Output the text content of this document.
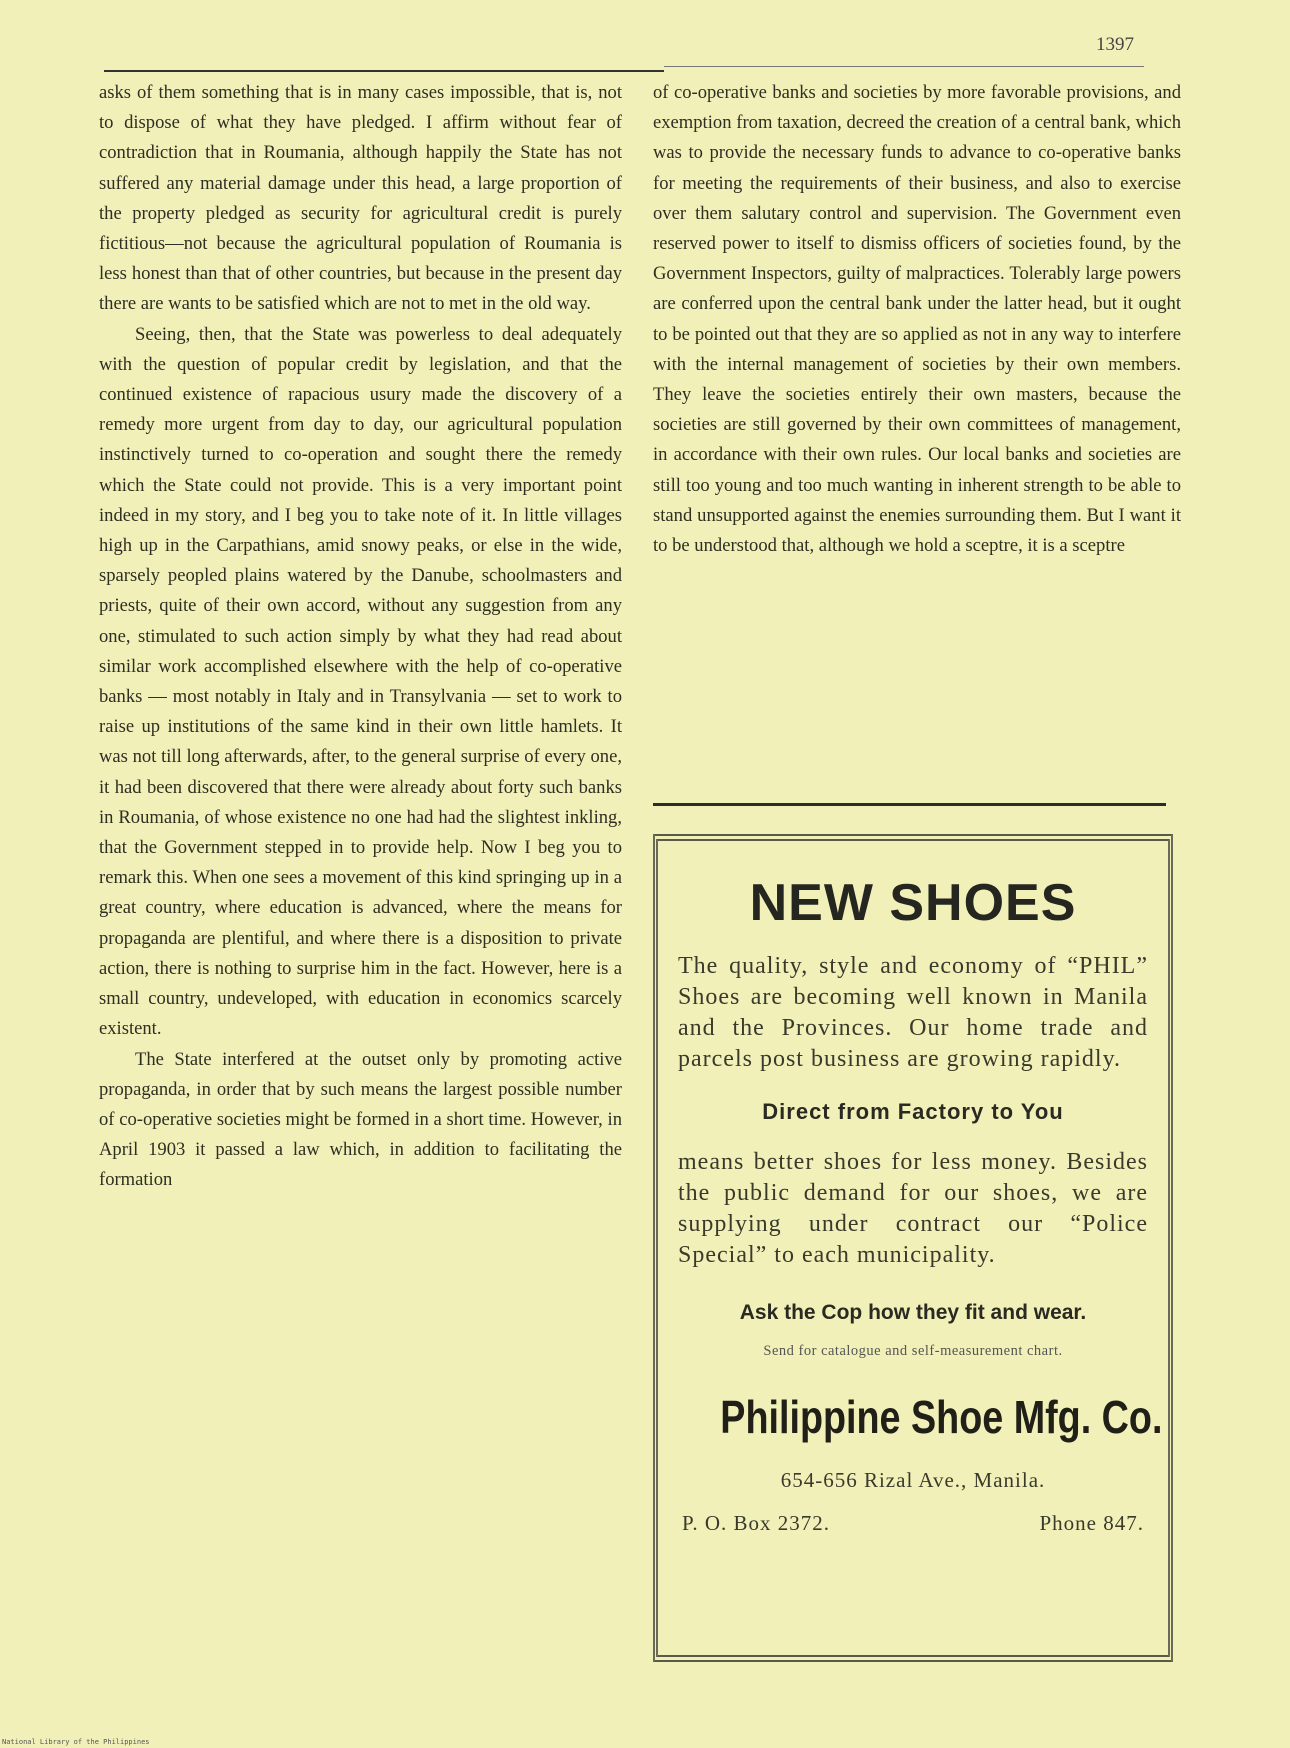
1397

asks of them something that is in many cases impossible, that is, not to dispose of what they have pledged. I affirm without fear of contradiction that in Roumania, although happily the State has not suffered any material damage under this head, a large proportion of the property pledged as security for agricultural credit is purely fictitious—not because the agricultural population of Roumania is less honest than that of other countries, but because in the present day there are wants to be satisfied which are not to met in the old way.

Seeing, then, that the State was powerless to deal adequately with the question of popular credit by legislation, and that the continued existence of rapacious usury made the discovery of a remedy more urgent from day to day, our agricultural population instinctively turned to co-operation and sought there the remedy which the State could not provide. This is a very important point indeed in my story, and I beg you to take note of it. In little villages high up in the Carpathians, amid snowy peaks, or else in the wide, sparsely peopled plains watered by the Danube, schoolmasters and priests, quite of their own accord, without any suggestion from any one, stimulated to such action simply by what they had read about similar work accomplished elsewhere with the help of co-operative banks — most notably in Italy and in Transylvania — set to work to raise up institutions of the same kind in their own little hamlets. It was not till long afterwards, after, to the general surprise of every one, it had been discovered that there were already about forty such banks in Roumania, of whose existence no one had had the slightest inkling, that the Government stepped in to provide help. Now I beg you to remark this. When one sees a movement of this kind springing up in a great country, where education is advanced, where the means for propaganda are plentiful, and where there is a disposition to private action, there is nothing to surprise him in the fact. However, here is a small country, undeveloped, with education in economics scarcely existent.

The State interfered at the outset only by promoting active propaganda, in order that by such means the largest possible number of co-operative societies might be formed in a short time. However, in April 1903 it passed a law which, in addition to facilitating the formation

of co-operative banks and societies by more favorable provisions, and exemption from taxation, decreed the creation of a central bank, which was to provide the necessary funds to advance to co-operative banks for meeting the requirements of their business, and also to exercise over them salutary control and supervision. The Government even reserved power to itself to dismiss officers of societies found, by the Government Inspectors, guilty of malpractices. Tolerably large powers are conferred upon the central bank under the latter head, but it ought to be pointed out that they are so applied as not in any way to interfere with the internal management of societies by their own members. They leave the societies entirely their own masters, because the societies are still governed by their own committees of management, in accordance with their own rules. Our local banks and societies are still too young and too much wanting in inherent strength to be able to stand unsupported against the enemies surrounding them. But I want it to be understood that, although we hold a sceptre, it is a sceptre

NEW SHOES

The quality, style and economy of “PHIL” Shoes are becoming well known in Manila and the Provinces. Our home trade and parcels post business are growing rapidly.

Direct from Factory to You

means better shoes for less money. Besides the public demand for our shoes, we are supplying under contract our “Police Special” to each municipality.

Ask the Cop how they fit and wear.
Send for catalogue and self-measurement chart.
Philippine Shoe Mfg. Co.
654-656 Rizal Ave., Manila.
P. O. Box 2372.	Phone 847.
National Library of the Philippines
